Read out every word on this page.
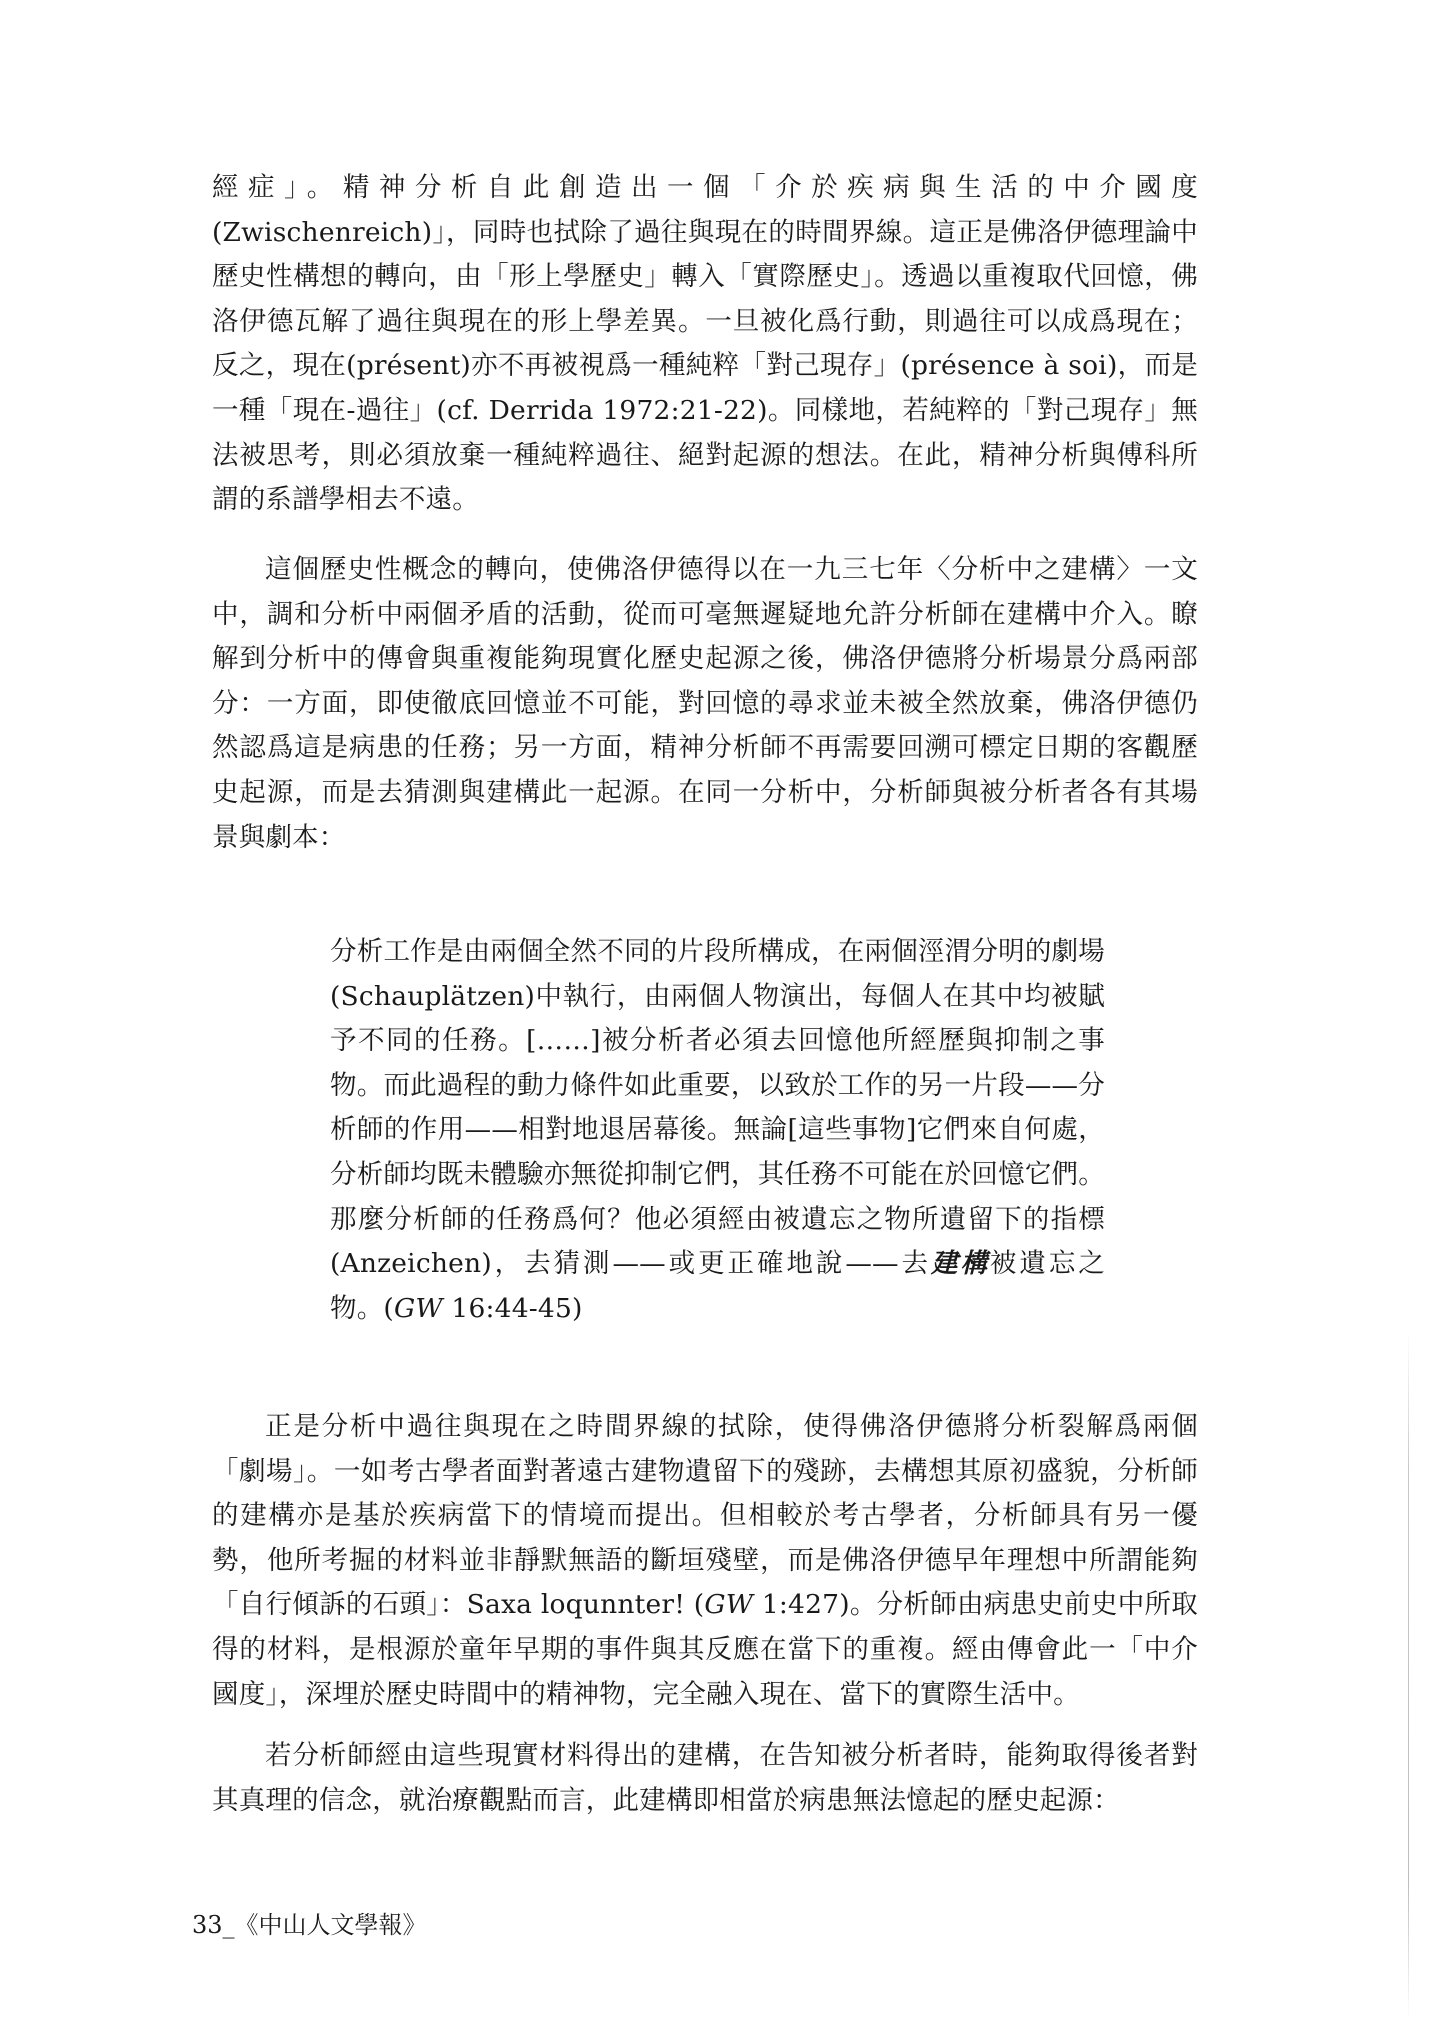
經症」。精神分析自此創造出一個「介於疾病與生活的中介國度(Zwischenreich)」，同時也拭除了過往與現在的時間界線。這正是佛洛伊德理論中歷史性構想的轉向，由「形上學歷史」轉入「實際歷史」。透過以重複取代回憶，佛洛伊德瓦解了過往與現在的形上學差異。一旦被化爲行動，則過往可以成爲現在；反之，現在(présent)亦不再被視爲一種純粹「對己現存」(présence à soi)，而是一種「現在-過往」(cf. Derrida 1972:21-22)。同樣地，若純粹的「對己現存」無法被思考，則必須放棄一種純粹過往、絕對起源的想法。在此，精神分析與傅科所謂的系譜學相去不遠。

這個歷史性概念的轉向，使佛洛伊德得以在一九三七年〈分析中之建構〉一文中，調和分析中兩個矛盾的活動，從而可毫無遲疑地允許分析師在建構中介入。瞭解到分析中的傳會與重複能夠現實化歷史起源之後，佛洛伊德將分析場景分爲兩部分：一方面，即使徹底回憶並不可能，對回憶的尋求並未被全然放棄，佛洛伊德仍然認爲這是病患的任務；另一方面，精神分析師不再需要回溯可標定日期的客觀歷史起源，而是去猜測與建構此一起源。在同一分析中，分析師與被分析者各有其場景與劇本：

分析工作是由兩個全然不同的片段所構成，在兩個涇渭分明的劇場(Schauplätzen)中執行，由兩個人物演出，每個人在其中均被賦予不同的任務。[……]被分析者必須去回憶他所經歷與抑制之事物。而此過程的動力條件如此重要，以致於工作的另一片段——分析師的作用——相對地退居幕後。無論[這些事物]它們來自何處，分析師均既未體驗亦無從抑制它們，其任務不可能在於回憶它們。那麼分析師的任務爲何？他必須經由被遺忘之物所遺留下的指標(Anzeichen)，去猜測——或更正確地說——去建構被遺忘之物。(GW 16:44-45)

正是分析中過往與現在之時間界線的拭除，使得佛洛伊德將分析裂解爲兩個「劇場」。一如考古學者面對著遠古建物遺留下的殘跡，去構想其原初盛貌，分析師的建構亦是基於疾病當下的情境而提出。但相較於考古學者，分析師具有另一優勢，他所考掘的材料並非靜默無語的斷垣殘壁，而是佛洛伊德早年理想中所謂能夠「自行傾訴的石頭」：Saxa loqunnter! (GW 1:427)。分析師由病患史前史中所取得的材料，是根源於童年早期的事件與其反應在當下的重複。經由傳會此一「中介國度」，深埋於歷史時間中的精神物，完全融入現在、當下的實際生活中。

若分析師經由這些現實材料得出的建構，在告知被分析者時，能夠取得後者對其真理的信念，就治療觀點而言，此建構即相當於病患無法憶起的歷史起源：

33_《中山人文學報》
